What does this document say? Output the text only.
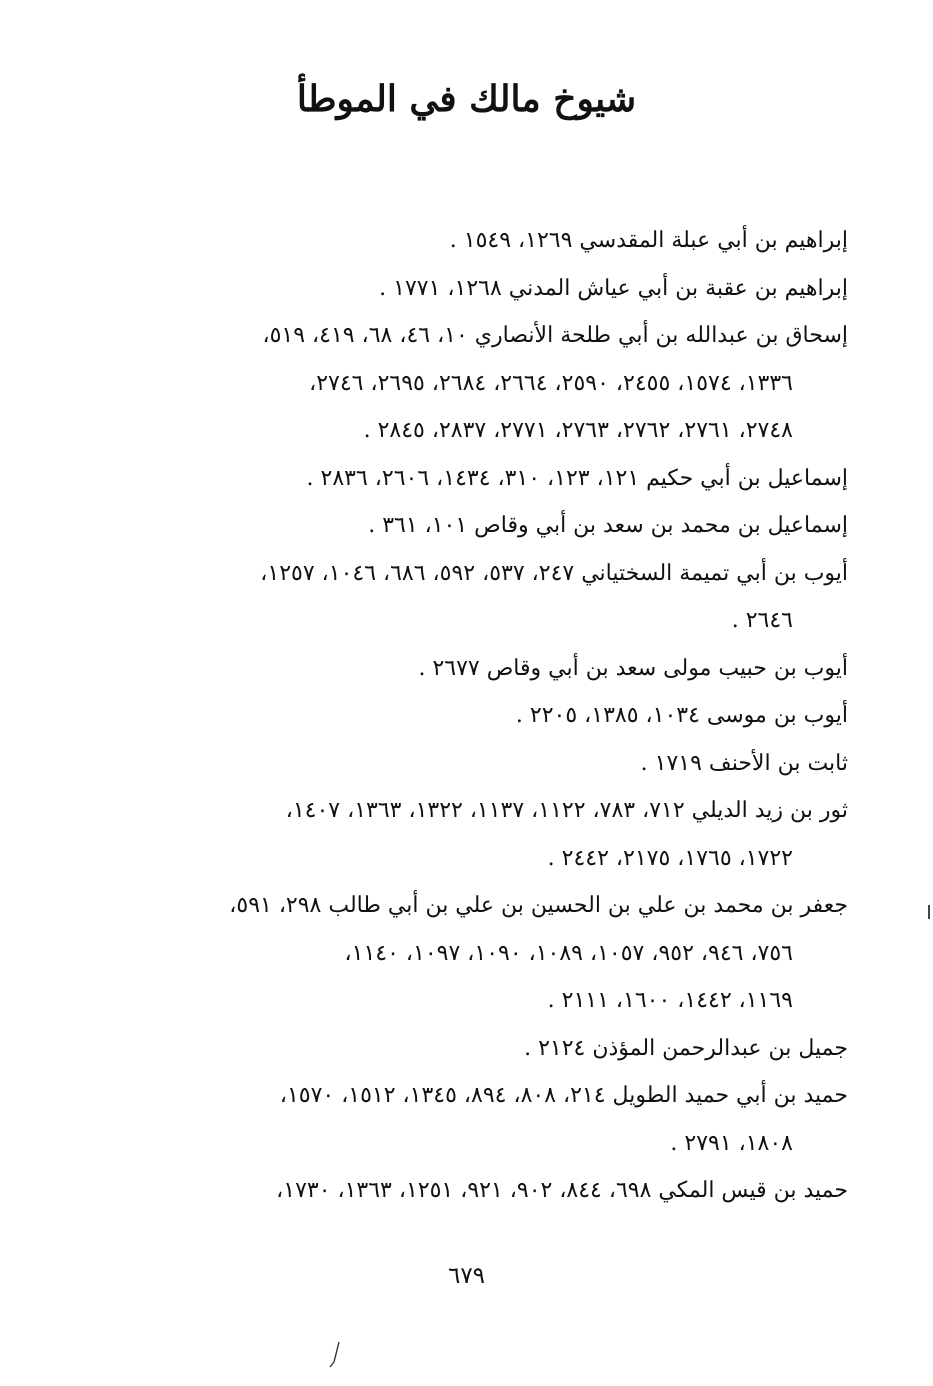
شيوخ مالك في الموطأ
إبراهيم بن أبي عبلة المقدسي ١٢٦٩، ١٥٤٩ .
إبراهيم بن عقبة بن أبي عياش المدني ١٢٦٨، ١٧٧١ .
إسحاق بن عبدالله بن أبي طلحة الأنصاري ١٠، ٤٦، ٦٨، ٤١٩، ٥١٩،
١٣٣٦، ١٥٧٤، ٢٤٥٥، ٢٥٩٠، ٢٦٦٤، ٢٦٨٤، ٢٦٩٥، ٢٧٤٦،
٢٧٤٨، ٢٧٦١، ٢٧٦٢، ٢٧٦٣، ٢٧٧١، ٢٨٣٧، ٢٨٤٥ .
إسماعيل بن أبي حكيم ١٢١، ١٢٣، ٣١٠، ١٤٣٤، ٢٦٠٦، ٢٨٣٦ .
إسماعيل بن محمد بن سعد بن أبي وقاص ١٠١، ٣٦١ .
أيوب بن أبي تميمة السختياني ٢٤٧، ٥٣٧، ٥٩٢، ٦٨٦، ١٠٤٦، ١٢٥٧،
٢٦٤٦ .
أيوب بن حبيب مولى سعد بن أبي وقاص ٢٦٧٧ .
أيوب بن موسى ١٠٣٤، ١٣٨٥، ٢٢٠٥ .
ثابت بن الأحنف ١٧١٩ .
ثور بن زيد الديلي ٧١٢، ٧٨٣، ١١٢٢، ١١٣٧، ١٣٢٢، ١٣٦٣، ١٤٠٧،
١٧٢٢، ١٧٦٥، ٢١٧٥، ٢٤٤٢ .
جعفر بن محمد بن علي بن الحسين بن علي بن أبي طالب ٢٩٨، ٥٩١،
٧٥٦، ٩٤٦، ٩٥٢، ١٠٥٧، ١٠٨٩، ١٠٩٠، ١٠٩٧، ١١٤٠،
١١٦٩، ١٤٤٢، ١٦٠٠، ٢١١١ .
جميل بن عبدالرحمن المؤذن ٢١٢٤ .
حميد بن أبي حميد الطويل ٢١٤، ٨٠٨، ٨٩٤، ١٣٤٥، ١٥١٢، ١٥٧٠،
١٨٠٨، ٢٧٩١ .
حميد بن قيس المكي ٦٩٨، ٨٤٤، ٩٠٢، ٩٢١، ١٢٥١، ١٣٦٣، ١٧٣٠،
٦٧٩
